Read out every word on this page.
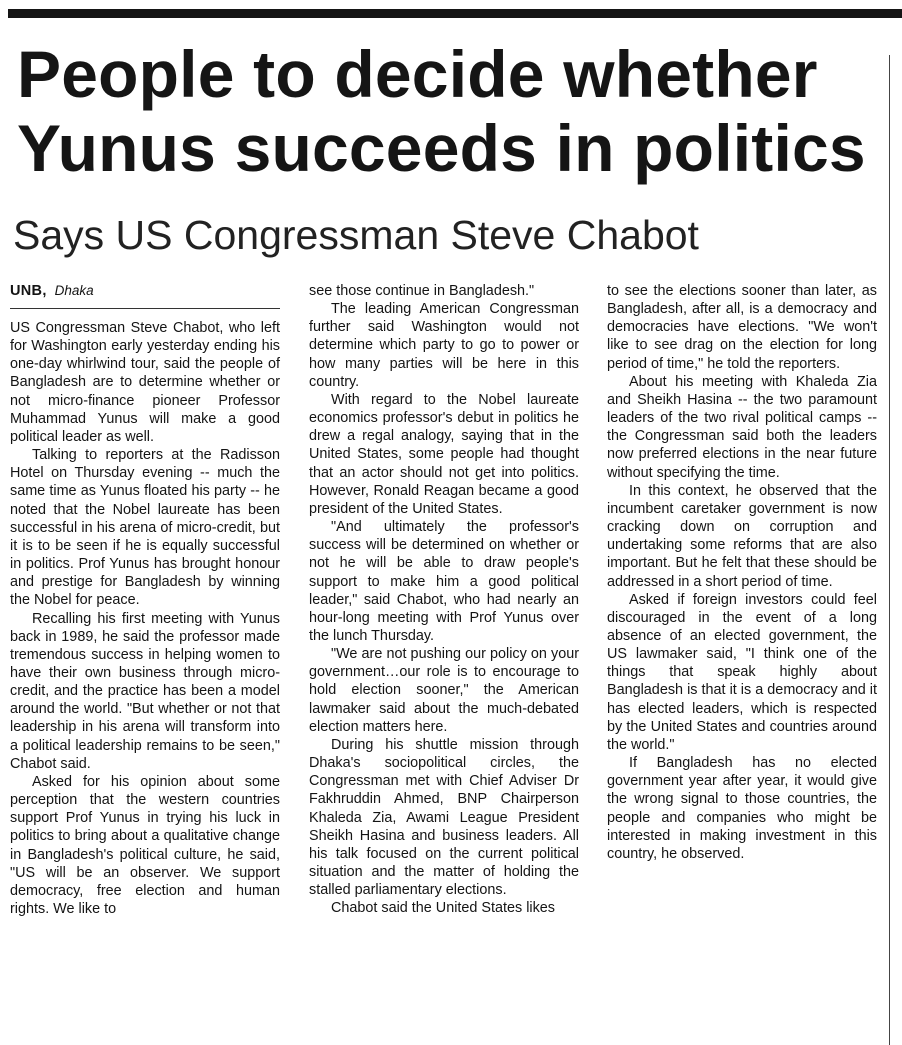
People to decide whether
Yunus succeeds in politics
Says US Congressman Steve Chabot
UNB, Dhaka

US Congressman Steve Chabot, who left for Washington early yesterday ending his one-day whirlwind tour, said the people of Bangladesh are to determine whether or not micro-finance pioneer Professor Muhammad Yunus will make a good political leader as well.

Talking to reporters at the Radisson Hotel on Thursday evening -- much the same time as Yunus floated his party -- he noted that the Nobel laureate has been successful in his arena of micro-credit, but it is to be seen if he is equally successful in politics. Prof Yunus has brought honour and prestige for Bangladesh by winning the Nobel for peace.

Recalling his first meeting with Yunus back in 1989, he said the professor made tremendous success in helping women to have their own business through micro-credit, and the practice has been a model around the world. "But whether or not that leadership in his arena will transform into a political leadership remains to be seen," Chabot said.

Asked for his opinion about some perception that the western countries support Prof Yunus in trying his luck in politics to bring about a qualitative change in Bangladesh's political culture, he said, "US will be an observer. We support democracy, free election and human rights. We like to

see those continue in Bangladesh."

The leading American Congressman further said Washington would not determine which party to go to power or how many parties will be here in this country.

With regard to the Nobel laureate economics professor's debut in politics he drew a regal analogy, saying that in the United States, some people had thought that an actor should not get into politics. However, Ronald Reagan became a good president of the United States.

"And ultimately the professor's success will be determined on whether or not he will be able to draw people's support to make him a good political leader," said Chabot, who had nearly an hour-long meeting with Prof Yunus over the lunch Thursday.

"We are not pushing our policy on your government…our role is to encourage to hold election sooner," the American lawmaker said about the much-debated election matters here.

During his shuttle mission through Dhaka's sociopolitical circles, the Congressman met with Chief Adviser Dr Fakhruddin Ahmed, BNP Chairperson Khaleda Zia, Awami League President Sheikh Hasina and business leaders. All his talk focused on the current political situation and the matter of holding the stalled parliamentary elections.

Chabot said the United States likes

to see the elections sooner than later, as Bangladesh, after all, is a democracy and democracies have elections. "We won't like to see drag on the election for long period of time," he told the reporters.

About his meeting with Khaleda Zia and Sheikh Hasina -- the two paramount leaders of the two rival political camps -- the Congressman said both the leaders now preferred elections in the near future without specifying the time.

In this context, he observed that the incumbent caretaker government is now cracking down on corruption and undertaking some reforms that are also important. But he felt that these should be addressed in a short period of time.

Asked if foreign investors could feel discouraged in the event of a long absence of an elected government, the US lawmaker said, "I think one of the things that speak highly about Bangladesh is that it is a democracy and it has elected leaders, which is respected by the United States and countries around the world."

If Bangladesh has no elected government year after year, it would give the wrong signal to those countries, the people and companies who might be interested in making investment in this country, he observed.
